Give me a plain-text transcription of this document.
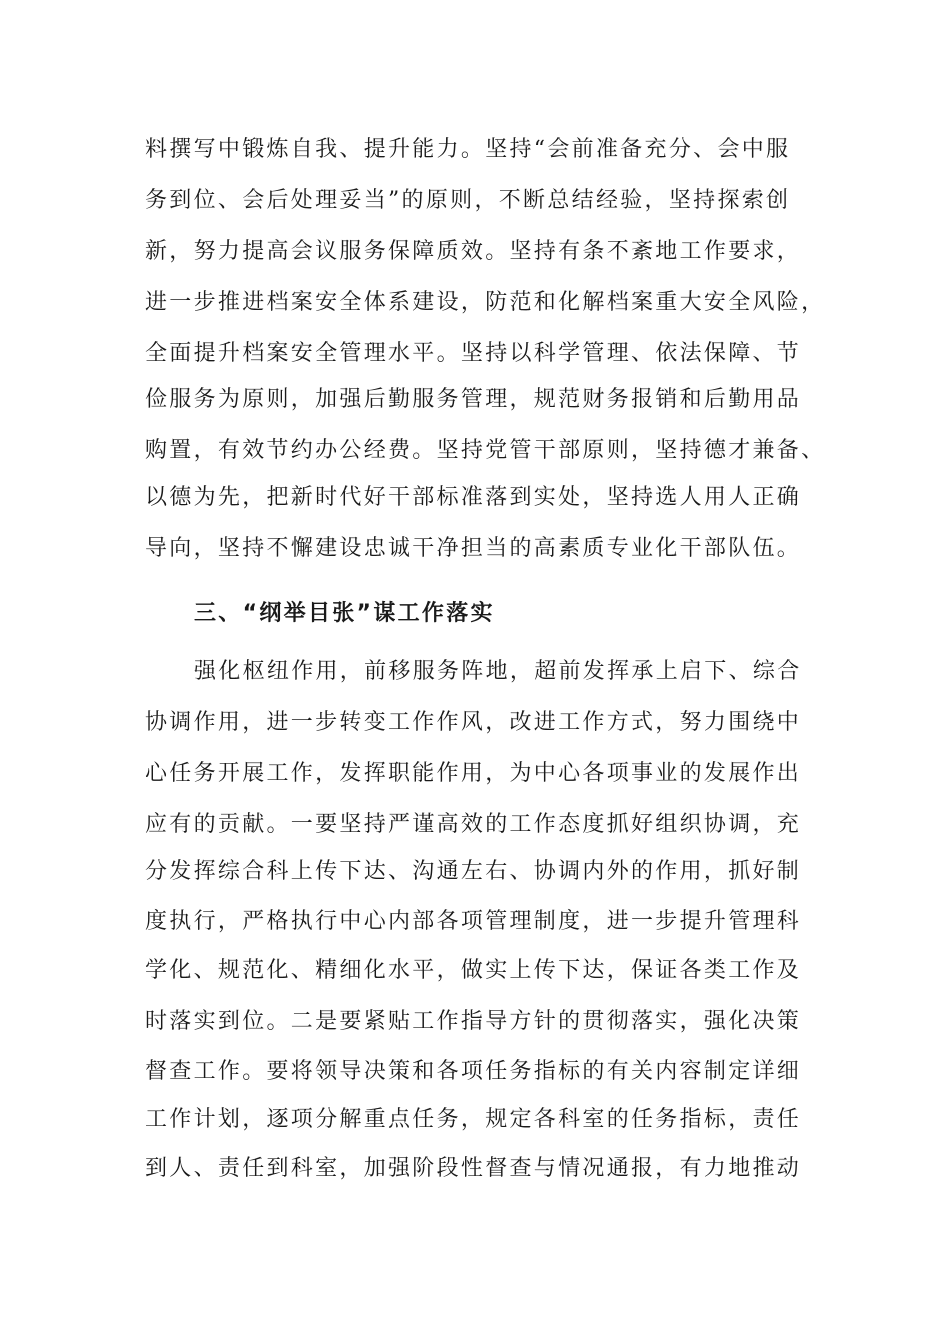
料撰写中锻炼自我、提升能力。坚持“会前准备充分、会中服
务到位、会后处理妥当”的原则，不断总结经验，坚持探索创
新，努力提高会议服务保障质效。坚持有条不紊地工作要求，
进一步推进档案安全体系建设，防范和化解档案重大安全风险，
全面提升档案安全管理水平。坚持以科学管理、依法保障、节
俭服务为原则，加强后勤服务管理，规范财务报销和后勤用品
购置，有效节约办公经费。坚持党管干部原则，坚持德才兼备、
以德为先，把新时代好干部标准落到实处，坚持选人用人正确
导向，坚持不懈建设忠诚干净担当的高素质专业化干部队伍。
三、“纲举目张”谋工作落实
强化枢纽作用，前移服务阵地，超前发挥承上启下、综合
协调作用，进一步转变工作作风，改进工作方式，努力围绕中
心任务开展工作，发挥职能作用，为中心各项事业的发展作出
应有的贡献。一要坚持严谨高效的工作态度抓好组织协调，充
分发挥综合科上传下达、沟通左右、协调内外的作用，抓好制
度执行，严格执行中心内部各项管理制度，进一步提升管理科
学化、规范化、精细化水平，做实上传下达，保证各类工作及
时落实到位。二是要紧贴工作指导方针的贯彻落实，强化决策
督查工作。要将领导决策和各项任务指标的有关内容制定详细
工作计划，逐项分解重点任务，规定各科室的任务指标，责任
到人、责任到科室，加强阶段性督查与情况通报，有力地推动
